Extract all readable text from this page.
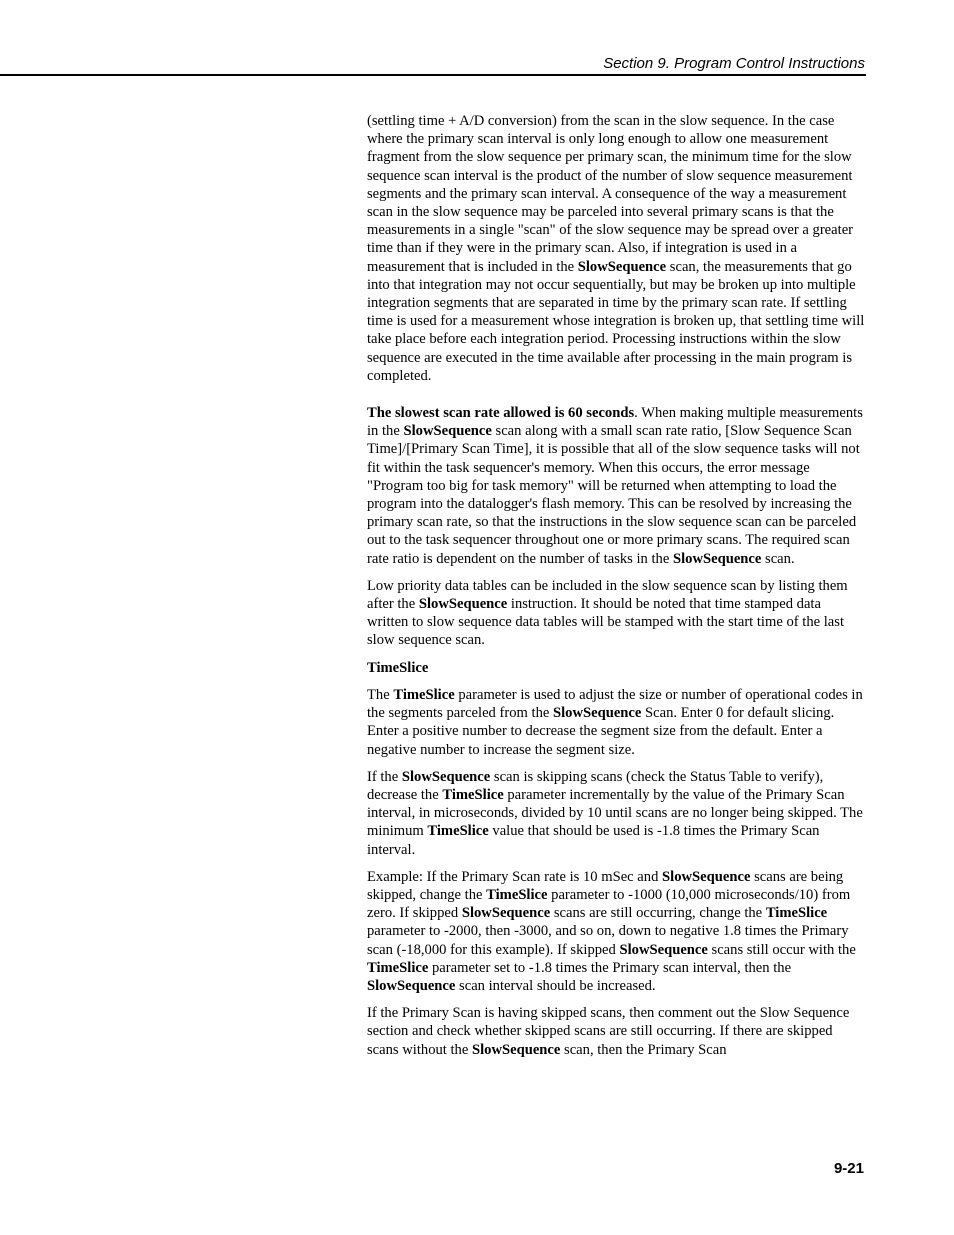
Section 9. Program Control Instructions

(settling time + A/D conversion) from the scan in the slow sequence. In the case where the primary scan interval is only long enough to allow one measurement fragment from the slow sequence per primary scan, the minimum time for the slow sequence scan interval is the product of the number of slow sequence measurement segments and the primary scan interval. A consequence of the way a measurement scan in the slow sequence may be parceled into several primary scans is that the measurements in a single "scan" of the slow sequence may be spread over a greater time than if they were in the primary scan. Also, if integration is used in a measurement that is included in the SlowSequence scan, the measurements that go into that integration may not occur sequentially, but may be broken up into multiple integration segments that are separated in time by the primary scan rate. If settling time is used for a measurement whose integration is broken up, that settling time will take place before each integration period. Processing instructions within the slow sequence are executed in the time available after processing in the main program is completed.

The slowest scan rate allowed is 60 seconds. When making multiple measurements in the SlowSequence scan along with a small scan rate ratio, [Slow Sequence Scan Time]/[Primary Scan Time], it is possible that all of the slow sequence tasks will not fit within the task sequencer's memory. When this occurs, the error message "Program too big for task memory" will be returned when attempting to load the program into the datalogger's flash memory. This can be resolved by increasing the primary scan rate, so that the instructions in the slow sequence scan can be parceled out to the task sequencer throughout one or more primary scans. The required scan rate ratio is dependent on the number of tasks in the SlowSequence scan.

Low priority data tables can be included in the slow sequence scan by listing them after the SlowSequence instruction. It should be noted that time stamped data written to slow sequence data tables will be stamped with the start time of the last slow sequence scan.

TimeSlice

The TimeSlice parameter is used to adjust the size or number of operational codes in the segments parceled from the SlowSequence Scan. Enter 0 for default slicing. Enter a positive number to decrease the segment size from the default. Enter a negative number to increase the segment size.

If the SlowSequence scan is skipping scans (check the Status Table to verify), decrease the TimeSlice parameter incrementally by the value of the Primary Scan interval, in microseconds, divided by 10 until scans are no longer being skipped. The minimum TimeSlice value that should be used is -1.8 times the Primary Scan interval.

Example: If the Primary Scan rate is 10 mSec and SlowSequence scans are being skipped, change the TimeSlice parameter to -1000 (10,000 microseconds/10) from zero. If skipped SlowSequence scans are still occurring, change the TimeSlice parameter to -2000, then -3000, and so on, down to negative 1.8 times the Primary scan (-18,000 for this example). If skipped SlowSequence scans still occur with the TimeSlice parameter set to -1.8 times the Primary scan interval, then the SlowSequence scan interval should be increased.

If the Primary Scan is having skipped scans, then comment out the Slow Sequence section and check whether skipped scans are still occurring. If there are skipped scans without the SlowSequence scan, then the Primary Scan

9-21
